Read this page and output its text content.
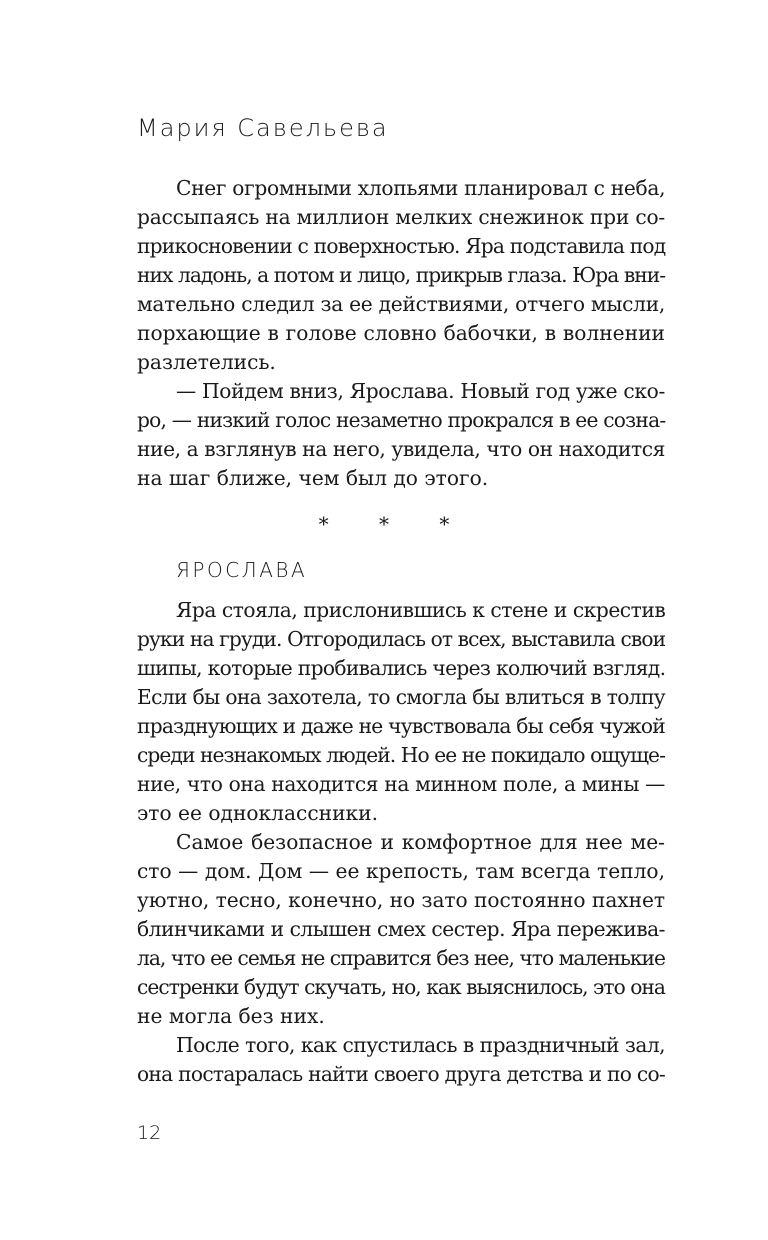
Мария Савельева
Снег огромными хлопьями планировал с неба,
рассыпаясь на миллион мелких снежинок при со-
прикосновении с поверхностью. Яра подставила под
них ладонь, а потом и лицо, прикрыв глаза. Юра вни-
мательно следил за ее действиями, отчего мысли,
порхающие в голове словно бабочки, в волнении
разлетелись.
— Пойдем вниз, Ярослава. Новый год уже ско-
ро, — низкий голос незаметно прокрался в ее созна-
ние, а взглянув на него, увидела, что он находится
на шаг ближе, чем был до этого.
* * *
ЯРОСЛАВА
Яра стояла, прислонившись к стене и скрестив
руки на груди. Отгородилась от всех, выставила свои
шипы, которые пробивались через колючий взгляд.
Если бы она захотела, то смогла бы влиться в толпу
празднующих и даже не чувствовала бы себя чужой
среди незнакомых людей. Но ее не покидало ощуще-
ние, что она находится на минном поле, а мины —
это ее одноклассники.
Самое безопасное и комфортное для нее ме-
сто — дом. Дом — ее крепость, там всегда тепло,
уютно, тесно, конечно, но зато постоянно пахнет
блинчиками и слышен смех сестер. Яра пережива-
ла, что ее семья не справится без нее, что маленькие
сестренки будут скучать, но, как выяснилось, это она
не могла без них.
После того, как спустилась в праздничный зал,
она постаралась найти своего друга детства и по со-
12
